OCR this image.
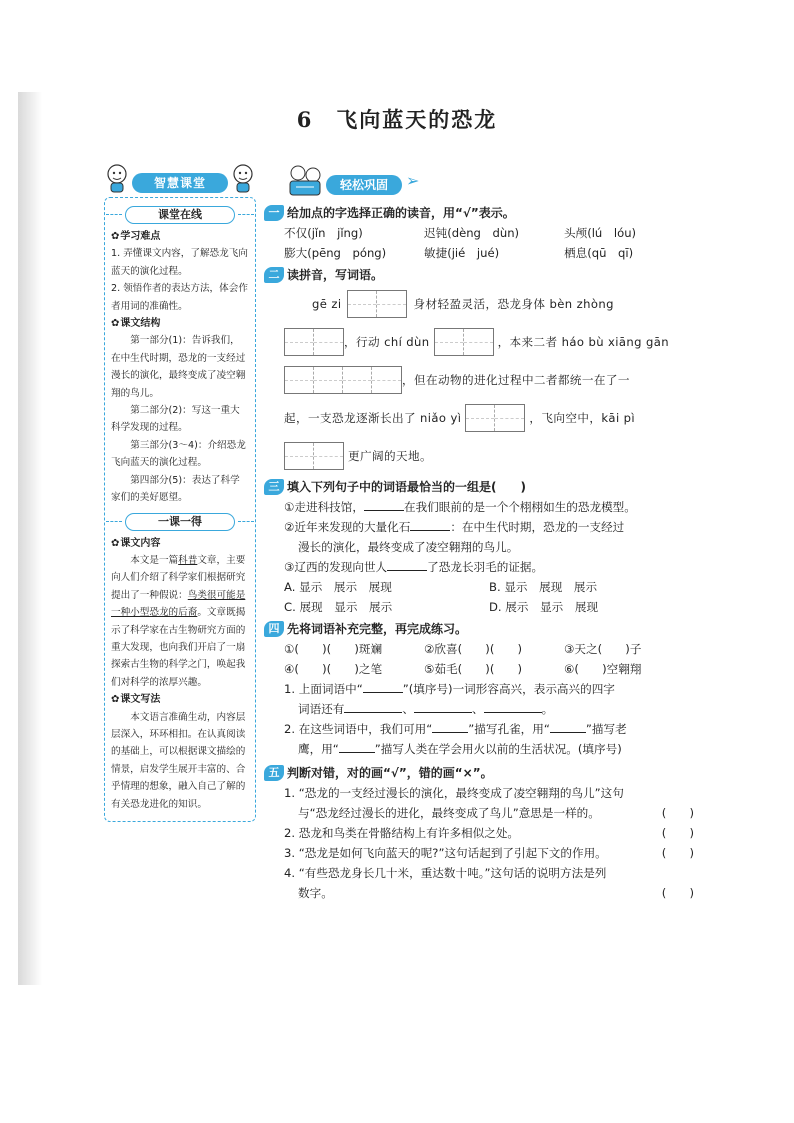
6　飞向蓝天的恐龙
智慧课堂
课堂在线
✿学习难点
1. 弄懂课文内容，了解恐龙飞向蓝天的演化过程。
2. 领悟作者的表达方法，体会作者用词的准确性。
✿课文结构
第一部分(1)：告诉我们，在中生代时期，恐龙的一支经过漫长的演化，最终变成了凌空翱翔的鸟儿。
第二部分(2)：写这一重大科学发现的过程。
第三部分(3～4)：介绍恐龙飞向蓝天的演化过程。
第四部分(5)：表达了科学家们的美好愿望。
一课一得
✿课文内容
本文是一篇科普文章，主要向人们介绍了科学家们根据研究提出了一种假说：鸟类很可能是一种小型恐龙的后裔。文章既揭示了科学家在古生物研究方面的重大发现，也向我们开启了一扇探索古生物的科学之门，唤起我们对科学的浓厚兴趣。
✿课文写法
本文语言准确生动，内容层层深入，环环相扣。在认真阅读的基础上，可以根据课文描绘的情景，启发学生展开丰富的、合乎情理的想象，融入自己了解的有关恐龙进化的知识。
轻松巩固	➢
一 给加点的字选择正确的读音，用“√”表示。
不仅(jǐn　jǐng)	迟钝(dèng　dùn)	头颅(lú　lóu)
膨大(pēng　póng)	敏捷(jié　jué)	栖息(qū　qī)
二 读拼音，写词语。
gē zi	身材轻盈灵活，恐龙身体 bèn zhòng
，行动 chí dùn	，本来二者 háo bù xiāng gān
，但在动物的进化过程中二者都统一在了一
起，一支恐龙逐渐长出了 niǎo yì	，飞向空中，kāi pì
更广阔的天地。
三 填入下列句子中的词语最恰当的一组是(　　)
①走进科技馆，	在我们眼前的是一个个栩栩如生的恐龙模型。
②近年来发现的大量化石	：在中生代时期，恐龙的一支经过
漫长的演化，最终变成了凌空翱翔的鸟儿。
③辽西的发现向世人	了恐龙长羽毛的证据。
A. 显示　展示　展现	B. 显示　展现　展示
C. 展现　显示　展示	D. 展示　显示　展现
四 先将词语补充完整，再完成练习。
①(　　)(　　)斑斓	②欣喜(　　)(　　)	③天之(　　)子
④(　　)(　　)之笔	⑤茹毛(　　)(　　)	⑥(　　)空翱翔
1. 上面词语中“	”(填序号)一词形容高兴，表示高兴的四字
词语还有	、	、	。
2. 在这些词语中，我们可用“	”描写孔雀，用“	”描写老
鹰，用“	”描写人类在学会用火以前的生活状况。(填序号)
五 判断对错，对的画“√”，错的画“×”。
1. “恐龙的一支经过漫长的演化，最终变成了凌空翱翔的鸟儿”这句
与“恐龙经过漫长的进化，最终变成了鸟儿”意思是一样的。	(　　)
2. 恐龙和鸟类在骨骼结构上有许多相似之处。	(　　)
3. “恐龙是如何飞向蓝天的呢?”这句话起到了引起下文的作用。	(　　)
4. “有些恐龙身长几十米，重达数十吨。”这句话的说明方法是列
数字。	(　　)
